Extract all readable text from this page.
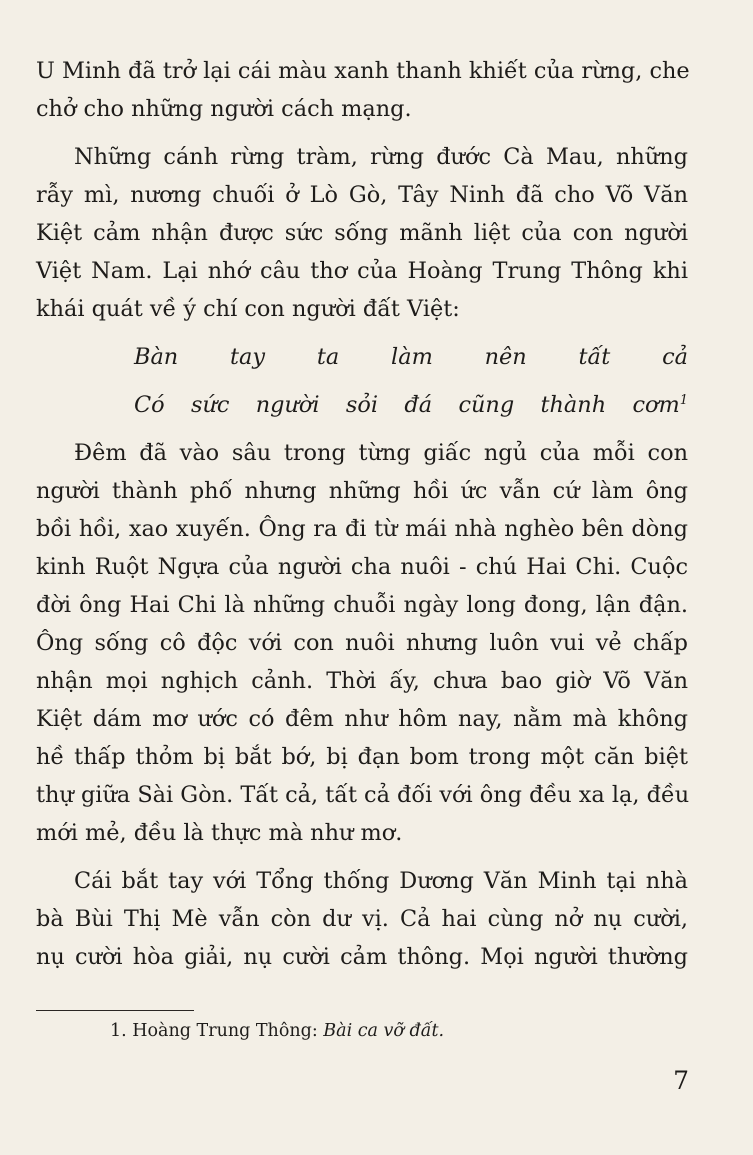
U Minh đã trở lại cái màu xanh thanh khiết của rừng, che

chở cho những người cách mạng.

Những cánh rừng tràm, rừng đước Cà Mau, những

rẫy mì, nương chuối ở Lò Gò, Tây Ninh đã cho Võ Văn

Kiệt cảm nhận được sức sống mãnh liệt của con người

Việt Nam. Lại nhớ câu thơ của Hoàng Trung Thông khi

khái quát về ý chí con người đất Việt:

Bàn tay ta làm nên tất cả

Có sức người sỏi đá cũng thành cơm$^1$

Đêm đã vào sâu trong từng giấc ngủ của mỗi con

người thành phố nhưng những hồi ức vẫn cứ làm ông

bồi hồi, xao xuyến. Ông ra đi từ mái nhà nghèo bên dòng

kinh Ruột Ngựa của người cha nuôi - chú Hai Chi. Cuộc

đời ông Hai Chi là những chuỗi ngày long đong, lận đận.

Ông sống cô độc với con nuôi nhưng luôn vui vẻ chấp

nhận mọi nghịch cảnh. Thời ấy, chưa bao giờ Võ Văn

Kiệt dám mơ ước có đêm như hôm nay, nằm mà không

hề thấp thỏm bị bắt bớ, bị đạn bom trong một căn biệt

thự giữa Sài Gòn. Tất cả, tất cả đối với ông đều xa lạ, đều

mới mẻ, đều là thực mà như mơ.

Cái bắt tay với Tổng thống Dương Văn Minh tại nhà

bà Bùi Thị Mè vẫn còn dư vị. Cả hai cùng nở nụ cười,

nụ cười hòa giải, nụ cười cảm thông. Mọi người thường

1. Hoàng Trung Thông: Bài ca vỡ đất.
7
